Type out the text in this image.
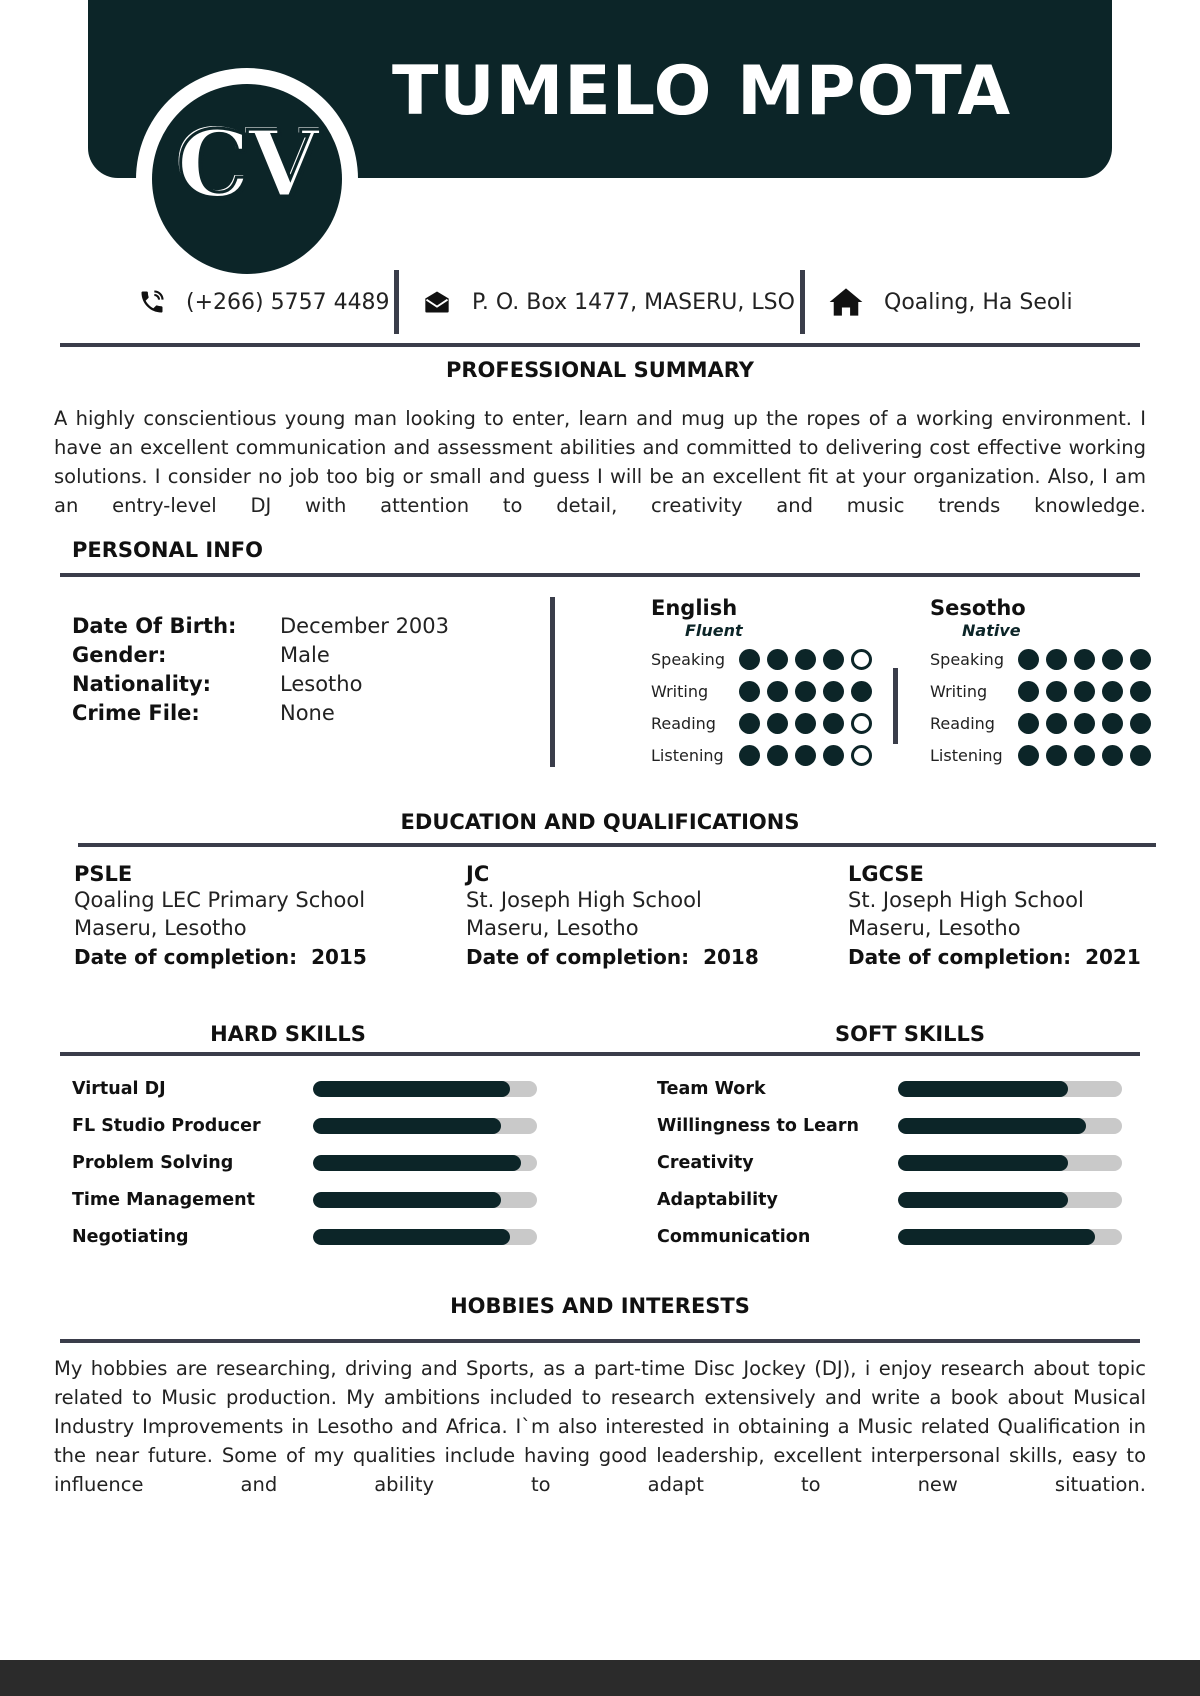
TUMELO MPOTA
CV
(+266) 5757 4489	P. O. Box 1477, MASERU, LSO	Qoaling, Ha Seoli
PROFESSIONAL SUMMARY
A highly conscientious young man looking to enter, learn and mug up the ropes of a working environment. I have an excellent communication and assessment abilities and committed to delivering cost effective working solutions. I consider no job too big or small and guess I will be an excellent fit at your organization. Also, I am an entry-level DJ with attention to detail, creativity and music trends knowledge.
PERSONAL INFO
Date Of Birth:	December 2003
Gender:	Male
Nationality:	Lesotho
Crime File:	None
English
Fluent
Speaking
Writing
Reading
Listening
Sesotho
Native
Speaking
Writing
Reading
Listening
EDUCATION AND QUALIFICATIONS
PSLE
Qoaling LEC Primary School
Maseru, Lesotho
Date of completion: 2015
JC
St. Joseph High School
Maseru, Lesotho
Date of completion: 2018
LGCSE
St. Joseph High School
Maseru, Lesotho
Date of completion: 2021
HARD SKILLS	SOFT SKILLS
Virtual DJ
FL Studio Producer
Problem Solving
Time Management
Negotiating
Team Work
Willingness to Learn
Creativity
Adaptability
Communication
HOBBIES AND INTERESTS
My hobbies are researching, driving and Sports, as a part-time Disc Jockey (DJ), i enjoy research about topic related to Music production. My ambitions included to research extensively and write a book about Musical Industry Improvements in Lesotho and Africa. I`m also interested in obtaining a Music related Qualification in the near future. Some of my qualities include having good leadership, excellent interpersonal skills, easy to influence and ability to adapt to new situation.
